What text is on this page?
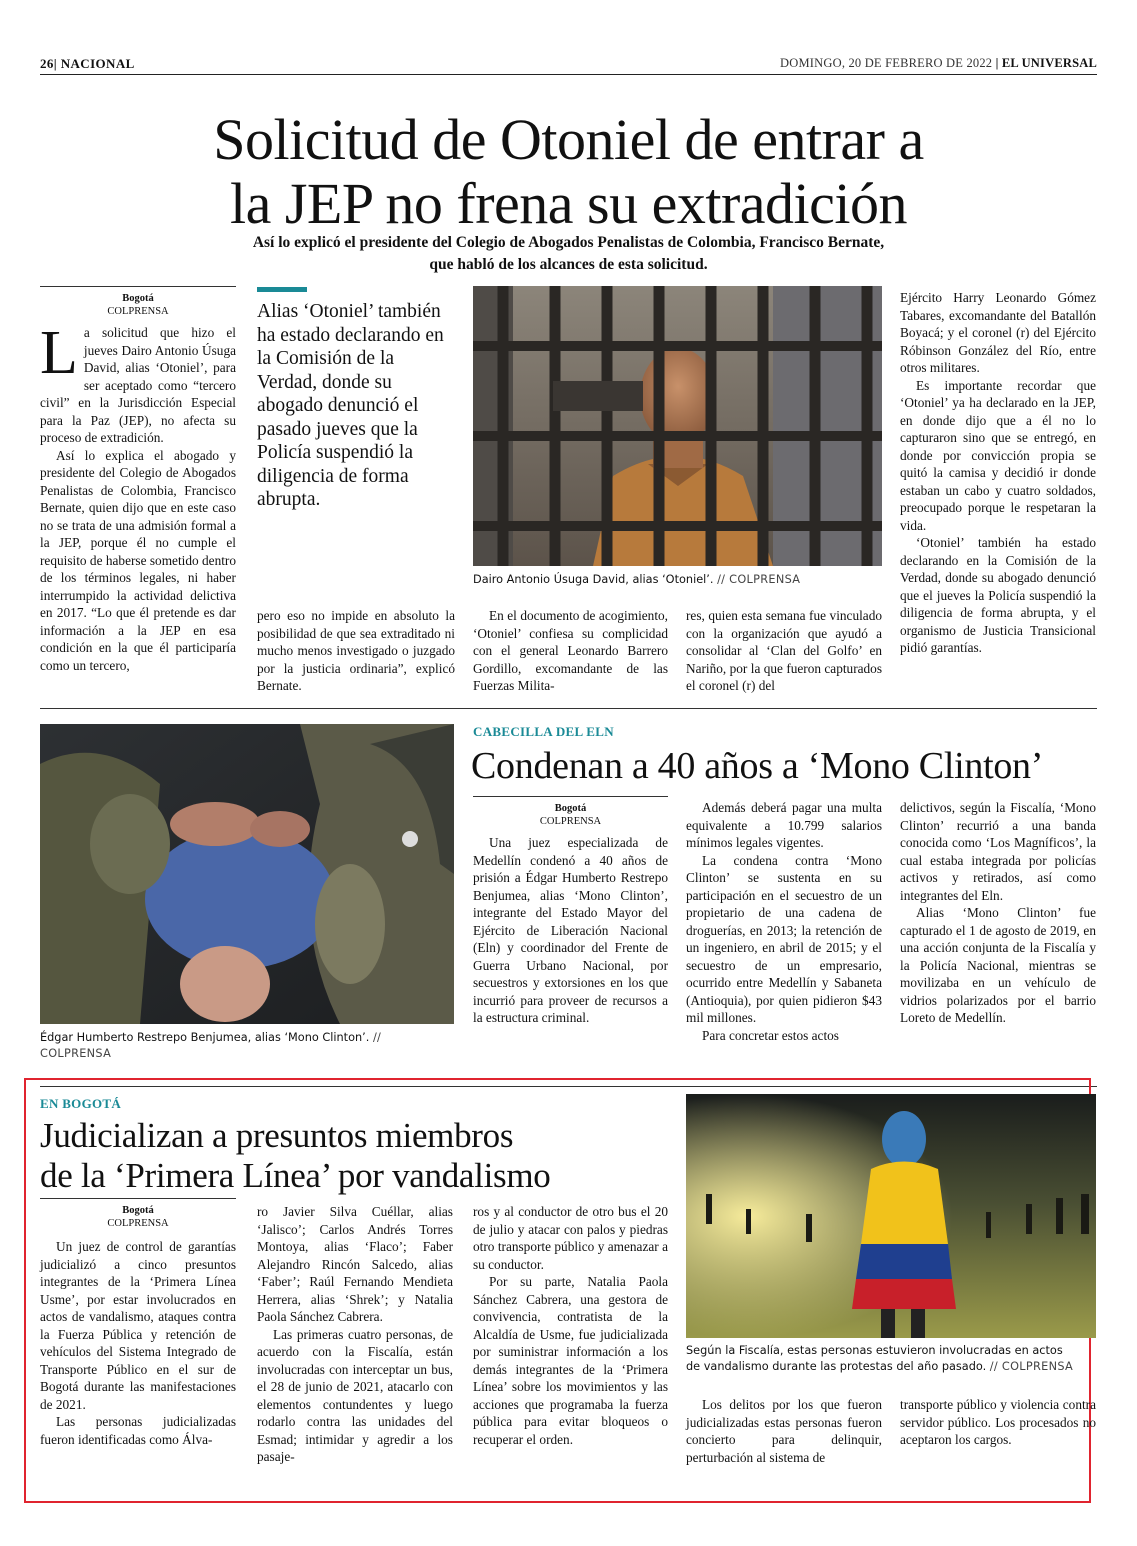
26| NACIONAL	DOMINGO, 20 DE FEBRERO DE 2022 | EL UNIVERSAL
Solicitud de Otoniel de entrar a
la JEP no frena su extradición
Así lo explicó el presidente del Colegio de Abogados Penalistas de Colombia, Francisco Bernate,
que habló de los alcances de esta solicitud.
Bogotá
COLPRENSA

La solicitud que hizo el jueves Dairo Antonio Úsuga David, alias ‘Otoniel’, para ser aceptado como “tercero civil” en la Jurisdicción Especial para la Paz (JEP), no afecta su proceso de extradición.

Así lo explica el abogado y presidente del Colegio de Abogados Penalistas de Colombia, Francisco Bernate, quien dijo que en este caso no se trata de una admisión formal a la JEP, porque él no cumple el requisito de haberse sometido dentro de los términos legales, ni haber interrumpido la actividad delictiva en 2017. “Lo que él pretende es dar información a la JEP en esa condición en la que él participaría como un tercero,

Alias ‘Otoniel’ también ha estado declarando en la Comisión de la Verdad, donde su abogado denunció el pasado jueves que la Policía suspendió la diligencia de forma abrupta.

pero eso no impide en absoluto la posibilidad de que sea extraditado ni mucho menos investigado o juzgado por la justicia ordinaria”, explicó Bernate.

Dairo Antonio Úsuga David, alias ‘Otoniel’. // COLPRENSA

En el documento de acogimiento, ‘Otoniel’ confiesa su complicidad con el general Leonardo Barrero Gordillo, excomandante de las Fuerzas Milita-

res, quien esta semana fue vinculado con la organización que ayudó a consolidar al ‘Clan del Golfo’ en Nariño, por la que fueron capturados el coronel (r) del

Ejército Harry Leonardo Gómez Tabares, excomandante del Batallón Boyacá; y el coronel (r) del Ejército Róbinson González del Río, entre otros militares.

Es importante recordar que ‘Otoniel’ ya ha declarado en la JEP, en donde dijo que a él no lo capturaron sino que se entregó, en donde por convicción propia se quitó la camisa y decidió ir donde estaban un cabo y cuatro soldados, preocupado porque le respetaran la vida.

‘Otoniel’ también ha estado declarando en la Comisión de la Verdad, donde su abogado denunció que el jueves la Policía suspendió la diligencia de forma abrupta, y el organismo de Justicia Transicional pidió garantías.

Édgar Humberto Restrepo Benjumea, alias ‘Mono Clinton’. // COLPRENSA
CABECILLA DEL ELN
Condenan a 40 años a ‘Mono Clinton’
Bogotá
COLPRENSA

Una juez especializada de Medellín condenó a 40 años de prisión a Édgar Humberto Restrepo Benjumea, alias ‘Mono Clinton’, integrante del Estado Mayor del Ejército de Liberación Nacional (Eln) y coordinador del Frente de Guerra Urbano Nacional, por secuestros y extorsiones en los que incurrió para proveer de recursos a la estructura criminal.

Además deberá pagar una multa equivalente a 10.799 salarios mínimos legales vigentes.

La condena contra ‘Mono Clinton’ se sustenta en su participación en el secuestro de un propietario de una cadena de droguerías, en 2013; la retención de un ingeniero, en abril de 2015; y el secuestro de un empresario, ocurrido entre Medellín y Sabaneta (Antioquia), por quien pidieron $43 mil millones.

Para concretar estos actos

delictivos, según la Fiscalía, ‘Mono Clinton’ recurrió a una banda conocida como ‘Los Magníficos’, la cual estaba integrada por policías activos y retirados, así como integrantes del Eln.

Alias ‘Mono Clinton’ fue capturado el 1 de agosto de 2019, en una acción conjunta de la Fiscalía y la Policía Nacional, mientras se movilizaba en un vehículo de vidrios polarizados por el barrio Loreto de Medellín.

EN BOGOTÁ
Judicializan a presuntos miembros
de la ‘Primera Línea’ por vandalismo
Bogotá
COLPRENSA

Un juez de control de garantías judicializó a cinco presuntos integrantes de la ‘Primera Línea Usme’, por estar involucrados en actos de vandalismo, ataques contra la Fuerza Pública y retención de vehículos del Sistema Integrado de Transporte Público en el sur de Bogotá durante las manifestaciones de 2021.

Las personas judicializadas fueron identificadas como Álva-

ro Javier Silva Cuéllar, alias ‘Jalisco’; Carlos Andrés Torres Montoya, alias ‘Flaco’; Faber Alejandro Rincón Salcedo, alias ‘Faber’; Raúl Fernando Mendieta Herrera, alias ‘Shrek’; y Natalia Paola Sánchez Cabrera.

Las primeras cuatro personas, de acuerdo con la Fiscalía, están involucradas con interceptar un bus, el 28 de junio de 2021, atacarlo con elementos contundentes y luego rodarlo contra las unidades del Esmad; intimidar y agredir a los pasaje-

ros y al conductor de otro bus el 20 de julio y atacar con palos y piedras otro transporte público y amenazar a su conductor.

Por su parte, Natalia Paola Sánchez Cabrera, una gestora de convivencia, contratista de la Alcaldía de Usme, fue judicializada por suministrar información a los demás integrantes de la ‘Primera Línea’ sobre los movimientos y las acciones que programaba la fuerza pública para evitar bloqueos o recuperar el orden.

Según la Fiscalía, estas personas estuvieron involucradas en actos
de vandalismo durante las protestas del año pasado. // COLPRENSA

Los delitos por los que fueron judicializadas estas personas fueron concierto para delinquir, perturbación al sistema de

transporte público y violencia contra servidor público. Los procesados no aceptaron los cargos.
